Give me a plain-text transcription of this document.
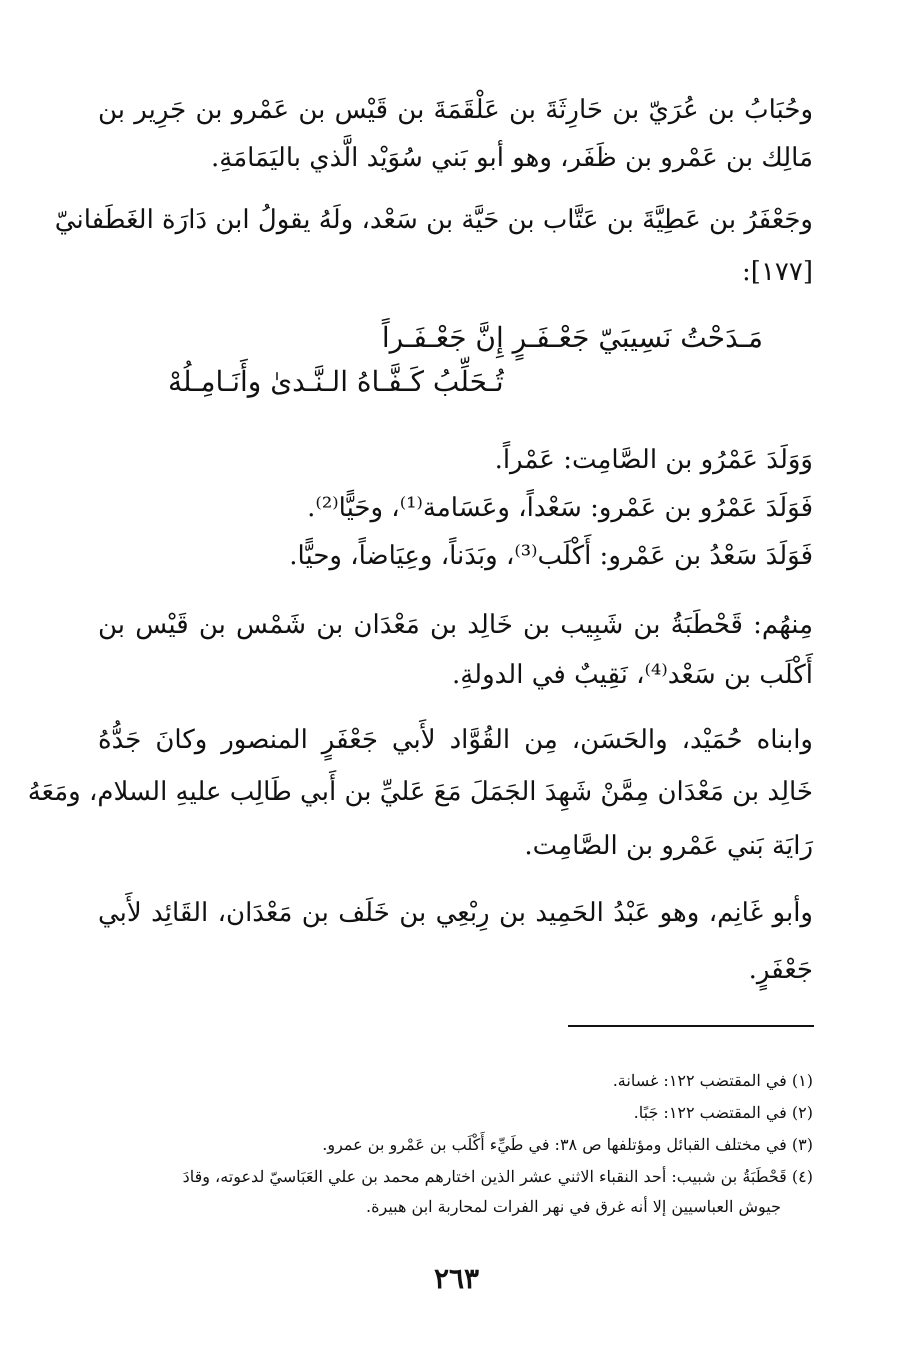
وحُبَابُ بن عُرَيّ بن حَارِثَةَ بن عَلْقَمَةَ بن قَيْس بن عَمْرو بن جَرِير بن
مَالِك بن عَمْرو بن ظَفَر، وهو أبو بَني سُوَيْد الَّذي باليَمَامَةِ.
وجَعْفَرُ بن عَطِيَّةَ بن عَتَّاب بن حَيَّة بن سَعْد، ولَهُ يقولُ ابن دَارَة الغَطَفانيّ
[١٧٧]:
مَـدَحْتُ نَسِيبَيّ جَعْـفَـرٍ إِنَّ جَعْـفَـراً
تُـحَلِّبُ كَـفَّـاهُ الـنَّـدىٰ وأَنَـامِـلُهْ
وَوَلَدَ عَمْرُو بن الصَّامِت: عَمْراً.
فَوَلَدَ عَمْرُو بن عَمْرو: سَعْداً، وعَسَامة⁽¹⁾، وحَيًّا⁽²⁾.
فَوَلَدَ سَعْدُ بن عَمْرو: أَكْلَب⁽³⁾، وبَدَناً، وعِيَاضاً، وحيًّا.
مِنهُم: قَحْطَبَةُ بن شَبِيب بن خَالِد بن مَعْدَان بن شَمْس بن قَيْس بن
أَكْلَب بن سَعْد⁽⁴⁾، نَقِيبٌ في الدولةِ.
وابناه حُمَيْد، والحَسَن، مِن القُوَّاد لأَبي جَعْفَرٍ المنصور وكانَ جَدُّهُ
خَالِد بن مَعْدَان مِمَّنْ شَهِدَ الجَمَلَ مَعَ عَليِّ بن أَبي طَالِب عليهِ السلام، ومَعَهُ
رَايَة بَني عَمْرو بن الصَّامِت.
وأبو غَانِم، وهو عَبْدُ الحَمِيد بن رِبْعِي بن خَلَف بن مَعْدَان، القَائِد لأَبي
جَعْفَرٍ.
(١) في المقتضب ١٢٢: غسانة.
(٢) في المقتضب ١٢٢: جَبًا.
(٣) في مختلف القبائل ومؤتلفها ص ٣٨: في طَيِّء أَكْلَب بن عَمْرو بن عمرو.
(٤) قَحْطَبَةُ بن شبيب: أحد النقباء الاثني عشر الذين اختارهم محمد بن علي العَبَاسيّ لدعوته، وقادَ
جيوش العباسيين إلا أنه غرق في نهر الفرات لمحاربة ابن هبيرة.
٢٦٣
